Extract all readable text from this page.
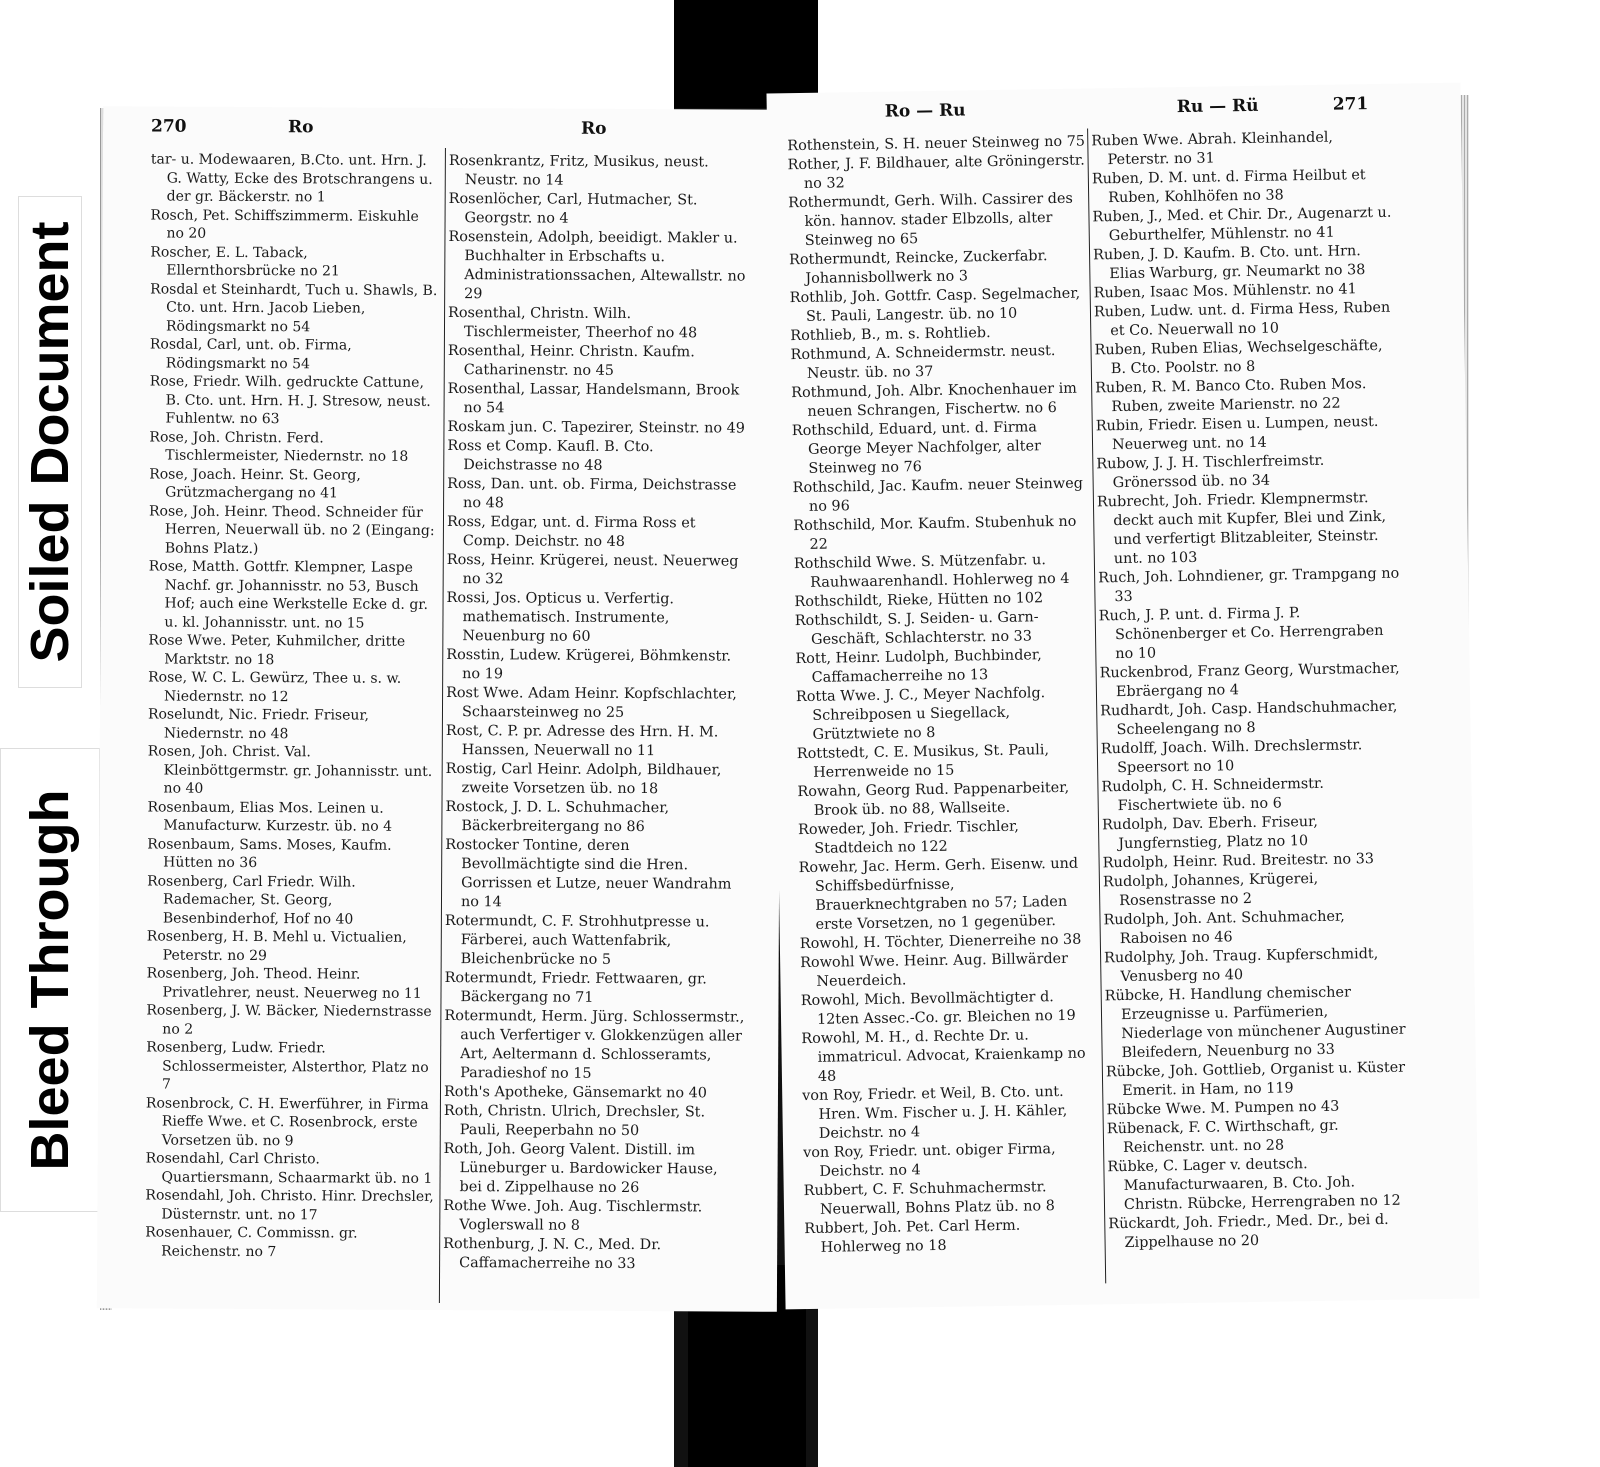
Soiled Document
Bleed Through
270	Ro	Ro

tar- u. Modewaaren, B.Cto. unt. Hrn. J. G. Watty, Ecke des Brotschrangens u. der gr. Bäckerstr. no 1

Rosch, Pet. Schiffszimmerm. Eiskuhle no 20

Roscher, E. L. Taback, Ellernthorsbrücke no 21

Rosdal et Steinhardt, Tuch u. Shawls, B. Cto. unt. Hrn. Jacob Lieben, Rödingsmarkt no 54

Rosdal, Carl, unt. ob. Firma, Rödingsmarkt no 54

Rose, Friedr. Wilh. gedruckte Cattune, B. Cto. unt. Hrn. H. J. Stresow, neust. Fuhlentw. no 63

Rose, Joh. Christn. Ferd. Tischlermeister, Niedernstr. no 18

Rose, Joach. Heinr. St. Georg, Grützmachergang no 41

Rose, Joh. Heinr. Theod. Schneider für Herren, Neuerwall üb. no 2 (Eingang: Bohns Platz.)

Rose, Matth. Gottfr. Klempner, Laspe Nachf. gr. Johannisstr. no 53, Busch Hof; auch eine Werkstelle Ecke d. gr. u. kl. Johannisstr. unt. no 15

Rose Wwe. Peter, Kuhmilcher, dritte Marktstr. no 18

Rose, W. C. L. Gewürz, Thee u. s. w. Niedernstr. no 12

Roselundt, Nic. Friedr. Friseur, Niedernstr. no 48

Rosen, Joh. Christ. Val. Kleinböttgermstr. gr. Johannisstr. unt. no 40

Rosenbaum, Elias Mos. Leinen u. Manufacturw. Kurzestr. üb. no 4

Rosenbaum, Sams. Moses, Kaufm. Hütten no 36

Rosenberg, Carl Friedr. Wilh. Rademacher, St. Georg, Besenbinderhof, Hof no 40

Rosenberg, H. B. Mehl u. Victualien, Peterstr. no 29

Rosenberg, Joh. Theod. Heinr. Privatlehrer, neust. Neuerweg no 11

Rosenberg, J. W. Bäcker, Niedernstrasse no 2

Rosenberg, Ludw. Friedr. Schlossermeister, Alsterthor, Platz no 7

Rosenbrock, C. H. Ewerführer, in Firma Rieffe Wwe. et C. Rosenbrock, erste Vorsetzen üb. no 9

Rosendahl, Carl Christo. Quartiersmann, Schaarmarkt üb. no 1

Rosendahl, Joh. Christo. Hinr. Drechsler, Düsternstr. unt. no 17

Rosenhauer, C. Commissn. gr. Reichenstr. no 7

Rosenkrantz, Fritz, Musikus, neust. Neustr. no 14

Rosenlöcher, Carl, Hutmacher, St. Georgstr. no 4

Rosenstein, Adolph, beeidigt. Makler u. Buchhalter in Erbschafts u. Administrationssachen, Altewallstr. no 29

Rosenthal, Christn. Wilh. Tischlermeister, Theerhof no 48

Rosenthal, Heinr. Christn. Kaufm. Catharinenstr. no 45

Rosenthal, Lassar, Handelsmann, Brook no 54

Roskam jun. C. Tapezirer, Steinstr. no 49

Ross et Comp. Kaufl. B. Cto. Deichstrasse no 48

Ross, Dan. unt. ob. Firma, Deichstrasse no 48

Ross, Edgar, unt. d. Firma Ross et Comp. Deichstr. no 48

Ross, Heinr. Krügerei, neust. Neuerweg no 32

Rossi, Jos. Opticus u. Verfertig. mathematisch. Instrumente, Neuenburg no 60

Rosstin, Ludew. Krügerei, Böhmkenstr. no 19

Rost Wwe. Adam Heinr. Kopfschlachter, Schaarsteinweg no 25

Rost, C. P. pr. Adresse des Hrn. H. M. Hanssen, Neuerwall no 11

Rostig, Carl Heinr. Adolph, Bildhauer, zweite Vorsetzen üb. no 18

Rostock, J. D. L. Schuhmacher, Bäckerbreitergang no 86

Rostocker Tontine, deren Bevollmächtigte sind die Hren. Gorrissen et Lutze, neuer Wandrahm no 14

Rotermundt, C. F. Strohhutpresse u. Färberei, auch Wattenfabrik, Bleichenbrücke no 5

Rotermundt, Friedr. Fettwaaren, gr. Bäckergang no 71

Rotermundt, Herm. Jürg. Schlossermstr., auch Verfertiger v. Glokkenzügen aller Art, Aeltermann d. Schlosseramts, Paradieshof no 15

Roth's Apotheke, Gänsemarkt no 40

Roth, Christn. Ulrich, Drechsler, St. Pauli, Reeperbahn no 50

Roth, Joh. Georg Valent. Distill. im Lüneburger u. Bardowicker Hause, bei d. Zippelhause no 26

Rothe Wwe. Joh. Aug. Tischlermstr. Voglerswall no 8

Rothenburg, J. N. C., Med. Dr. Caffamacherreihe no 33

Ro — Ru	Ru — Rü	271

Rothenstein, S. H. neuer Steinweg no 75

Rother, J. F. Bildhauer, alte Gröningerstr. no 32

Rothermundt, Gerh. Wilh. Cassirer des kön. hannov. stader Elbzolls, alter Steinweg no 65

Rothermundt, Reincke, Zuckerfabr. Johannisbollwerk no 3

Rothlib, Joh. Gottfr. Casp. Segelmacher, St. Pauli, Langestr. üb. no 10

Rothlieb, B., m. s. Rohtlieb.

Rothmund, A. Schneidermstr. neust. Neustr. üb. no 37

Rothmund, Joh. Albr. Knochenhauer im neuen Schrangen, Fischertw. no 6

Rothschild, Eduard, unt. d. Firma George Meyer Nachfolger, alter Steinweg no 76

Rothschild, Jac. Kaufm. neuer Steinweg no 96

Rothschild, Mor. Kaufm. Stubenhuk no 22

Rothschild Wwe. S. Mützenfabr. u. Rauhwaarenhandl. Hohlerweg no 4

Rothschildt, Rieke, Hütten no 102

Rothschildt, S. J. Seiden- u. Garn-Geschäft, Schlachterstr. no 33

Rott, Heinr. Ludolph, Buchbinder, Caffamacherreihe no 13

Rotta Wwe. J. C., Meyer Nachfolg. Schreibposen u Siegellack, Grütztwiete no 8

Rottstedt, C. E. Musikus, St. Pauli, Herrenweide no 15

Rowahn, Georg Rud. Pappenarbeiter, Brook üb. no 88, Wallseite.

Roweder, Joh. Friedr. Tischler, Stadtdeich no 122

Rowehr, Jac. Herm. Gerh. Eisenw. und Schiffsbedürfnisse, Brauerknechtgraben no 57; Laden erste Vorsetzen, no 1 gegenüber.

Rowohl, H. Töchter, Dienerreihe no 38

Rowohl Wwe. Heinr. Aug. Billwärder Neuerdeich.

Rowohl, Mich. Bevollmächtigter d. 12ten Assec.-Co. gr. Bleichen no 19

Rowohl, M. H., d. Rechte Dr. u. immatricul. Advocat, Kraienkamp no 48

von Roy, Friedr. et Weil, B. Cto. unt. Hren. Wm. Fischer u. J. H. Kähler, Deichstr. no 4

von Roy, Friedr. unt. obiger Firma, Deichstr. no 4

Rubbert, C. F. Schuhmachermstr. Neuerwall, Bohns Platz üb. no 8

Rubbert, Joh. Pet. Carl Herm. Hohlerweg no 18

Ruben Wwe. Abrah. Kleinhandel, Peterstr. no 31

Ruben, D. M. unt. d. Firma Heilbut et Ruben, Kohlhöfen no 38

Ruben, J., Med. et Chir. Dr., Augenarzt u. Geburthelfer, Mühlenstr. no 41

Ruben, J. D. Kaufm. B. Cto. unt. Hrn. Elias Warburg, gr. Neumarkt no 38

Ruben, Isaac Mos. Mühlenstr. no 41

Ruben, Ludw. unt. d. Firma Hess, Ruben et Co. Neuerwall no 10

Ruben, Ruben Elias, Wechselgeschäfte, B. Cto. Poolstr. no 8

Ruben, R. M. Banco Cto. Ruben Mos. Ruben, zweite Marienstr. no 22

Rubin, Friedr. Eisen u. Lumpen, neust. Neuerweg unt. no 14

Rubow, J. J. H. Tischlerfreimstr. Grönerssod üb. no 34

Rubrecht, Joh. Friedr. Klempnermstr. deckt auch mit Kupfer, Blei und Zink, und verfertigt Blitzableiter, Steinstr. unt. no 103

Ruch, Joh. Lohndiener, gr. Trampgang no 33

Ruch, J. P. unt. d. Firma J. P. Schönenberger et Co. Herrengraben no 10

Ruckenbrod, Franz Georg, Wurstmacher, Ebräergang no 4

Rudhardt, Joh. Casp. Handschuhmacher, Scheelengang no 8

Rudolff, Joach. Wilh. Drechslermstr. Speersort no 10

Rudolph, C. H. Schneidermstr. Fischertwiete üb. no 6

Rudolph, Dav. Eberh. Friseur, Jungfernstieg, Platz no 10

Rudolph, Heinr. Rud. Breitestr. no 33

Rudolph, Johannes, Krügerei, Rosenstrasse no 2

Rudolph, Joh. Ant. Schuhmacher, Raboisen no 46

Rudolphy, Joh. Traug. Kupferschmidt, Venusberg no 40

Rübcke, H. Handlung chemischer Erzeugnisse u. Parfümerien, Niederlage von münchener Augustiner Bleifedern, Neuenburg no 33

Rübcke, Joh. Gottlieb, Organist u. Küster Emerit. in Ham, no 119

Rübcke Wwe. M. Pumpen no 43

Rübenack, F. C. Wirthschaft, gr. Reichenstr. unt. no 28

Rübke, C. Lager v. deutsch. Manufacturwaaren, B. Cto. Joh. Christn. Rübcke, Herrengraben no 12

Rückardt, Joh. Friedr., Med. Dr., bei d. Zippelhause no 20
